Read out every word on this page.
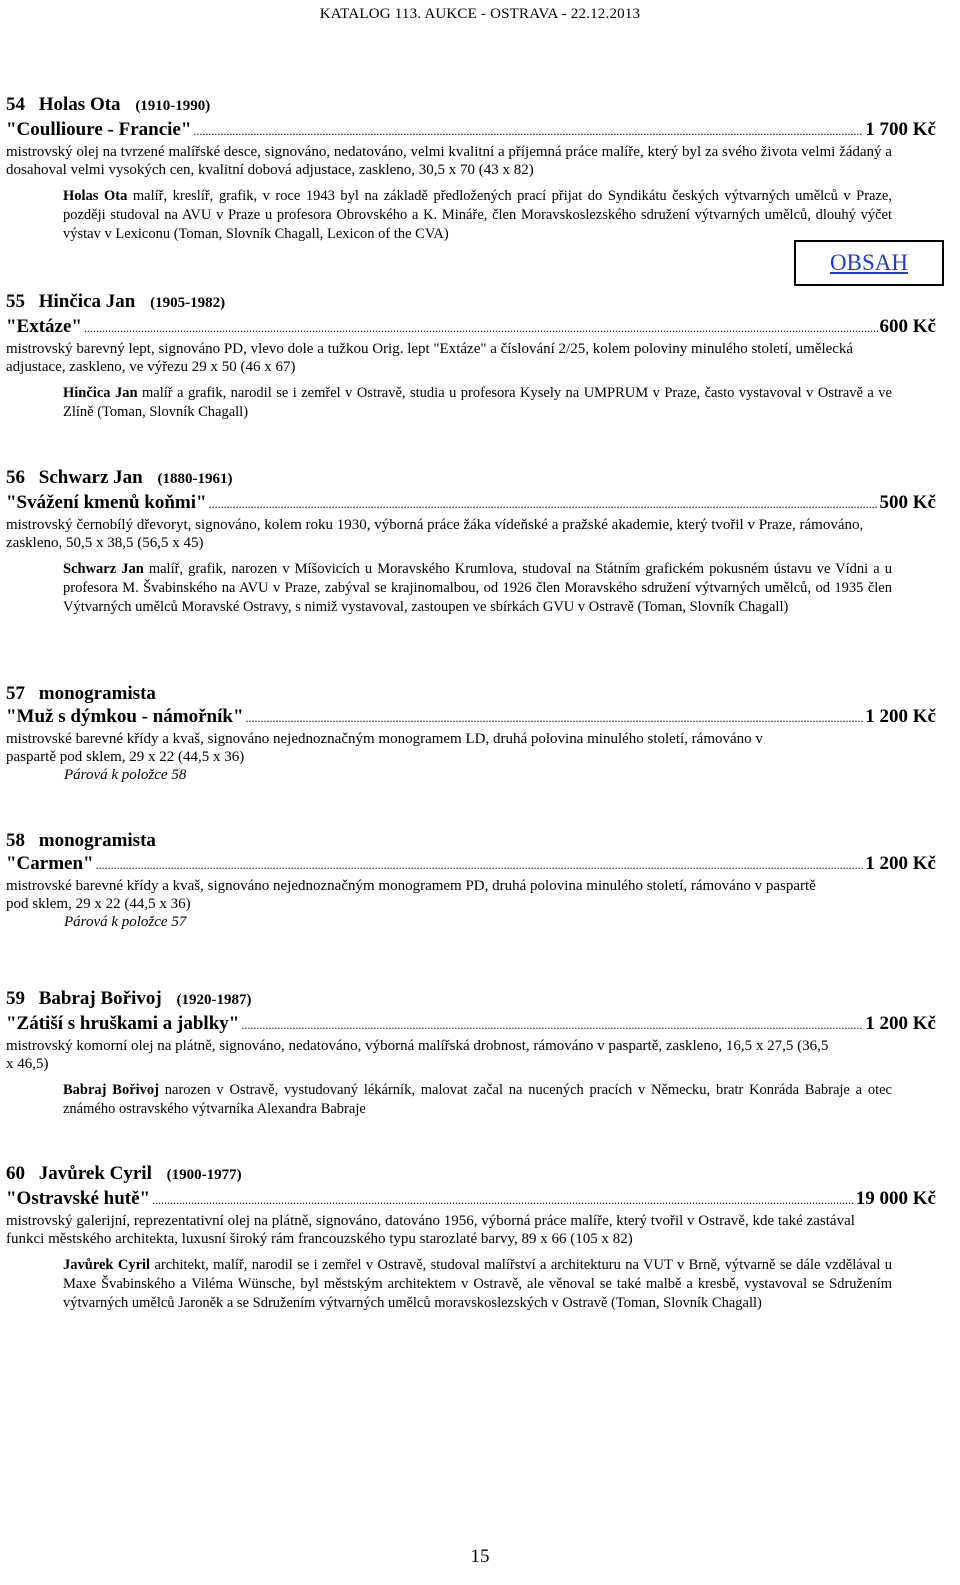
KATALOG 113. AUKCE - OSTRAVA - 22.12.2013
54 Holas Ota (1910-1990)
"Coullioure - Francie" .....	1 700 Kč
mistrovský olej na tvrzené malířské desce, signováno, nedatováno, velmi kvalitní a příjemná práce malíře, který byl za svého života velmi žádaný a dosahoval velmi vysokých cen, kvalitní dobová adjustace, zaskleno, 30,5 x 70 (43 x 82)
Holas Ota malíř, kreslíř, grafik, v roce 1943 byl na základě předložených prací přijat do Syndikátu českých výtvarných umělců v Praze, později studoval na AVU v Praze u profesora Obrovského a K. Mináře, člen Moravskoslezského sdružení výtvarných umělců, dlouhý výčet výstav v Lexiconu (Toman, Slovník Chagall, Lexicon of the CVA)
OBSAH
55 Hinčica Jan (1905-1982)
"Extáze" .....	600 Kč
mistrovský barevný lept, signováno PD, vlevo dole a tužkou Orig. lept "Extáze" a číslování 2/25, kolem poloviny minulého století, umělecká adjustace, zaskleno, ve výřezu 29 x 50 (46 x 67)
Hinčica Jan malíř a grafik, narodil se i zemřel v Ostravě, studia u profesora Kysely na UMPRUM v Praze, často vystavoval v Ostravě a ve Zlíně (Toman, Slovník Chagall)
56 Schwarz Jan (1880-1961)
"Svážení kmenů koňmi" .....	500 Kč
mistrovský černobílý dřevoryt, signováno, kolem roku 1930, výborná práce žáka vídeňské a pražské akademie, který tvořil v Praze, rámováno, zaskleno, 50,5 x 38,5 (56,5 x 45)
Schwarz Jan malíř, grafik, narozen v Míšovicích u Moravského Krumlova, studoval na Státním grafickém pokusném ústavu ve Vídni a u profesora M. Švabinského na AVU v Praze, zabýval se krajinomalbou, od 1926 člen Moravského sdružení výtvarných umělců, od 1935 člen Výtvarných umělců Moravské Ostravy, s nimiž vystavoval, zastoupen ve sbírkách GVU v Ostravě (Toman, Slovník Chagall)
57 monogramista
"Muž s dýmkou - námořník" .....	1 200 Kč
mistrovské barevné křídy a kvaš, signováno nejednoznačným monogramem LD, druhá polovina minulého století, rámováno v paspartě pod sklem, 29 x 22 (44,5 x 36)
Párová k položce 58
58 monogramista
"Carmen" .....	1 200 Kč
mistrovské barevné křídy a kvaš, signováno nejednoznačným monogramem PD, druhá polovina minulého století, rámováno v paspartě pod sklem, 29 x 22 (44,5 x 36)
Párová k položce 57
59 Babraj Bořivoj (1920-1987)
"Zátiší s hruškami a jablky" .....	1 200 Kč
mistrovský komorní olej na plátně, signováno, nedatováno, výborná malířská drobnost, rámováno v paspartě, zaskleno, 16,5 x 27,5 (36,5 x 46,5)
Babraj Bořivoj narozen v Ostravě, vystudovaný lékárník, malovat začal na nucených pracích v Německu, bratr Konráda Babraje a otec známého ostravského výtvarníka Alexandra Babraje
60 Javůrek Cyril (1900-1977)
"Ostravské hutě" .....	19 000 Kč
mistrovský galerijní, reprezentativní olej na plátně, signováno, datováno 1956, výborná práce malíře, který tvořil v Ostravě, kde také zastával funkci městského architekta, luxusní široký rám francouzského typu starozlaté barvy, 89 x 66 (105 x 82)
Javůrek Cyril architekt, malíř, narodil se i zemřel v Ostravě, studoval malířství a architekturu na VUT v Brně, výtvarně se dále vzdělával u Maxe Švabinského a Viléma Wünsche, byl městským architektem v Ostravě, ale věnoval se také malbě a kresbě, vystavoval se Sdružením výtvarných umělců Jaroněk a se Sdružením výtvarných umělců moravskoslezských v Ostravě (Toman, Slovník Chagall)
15
